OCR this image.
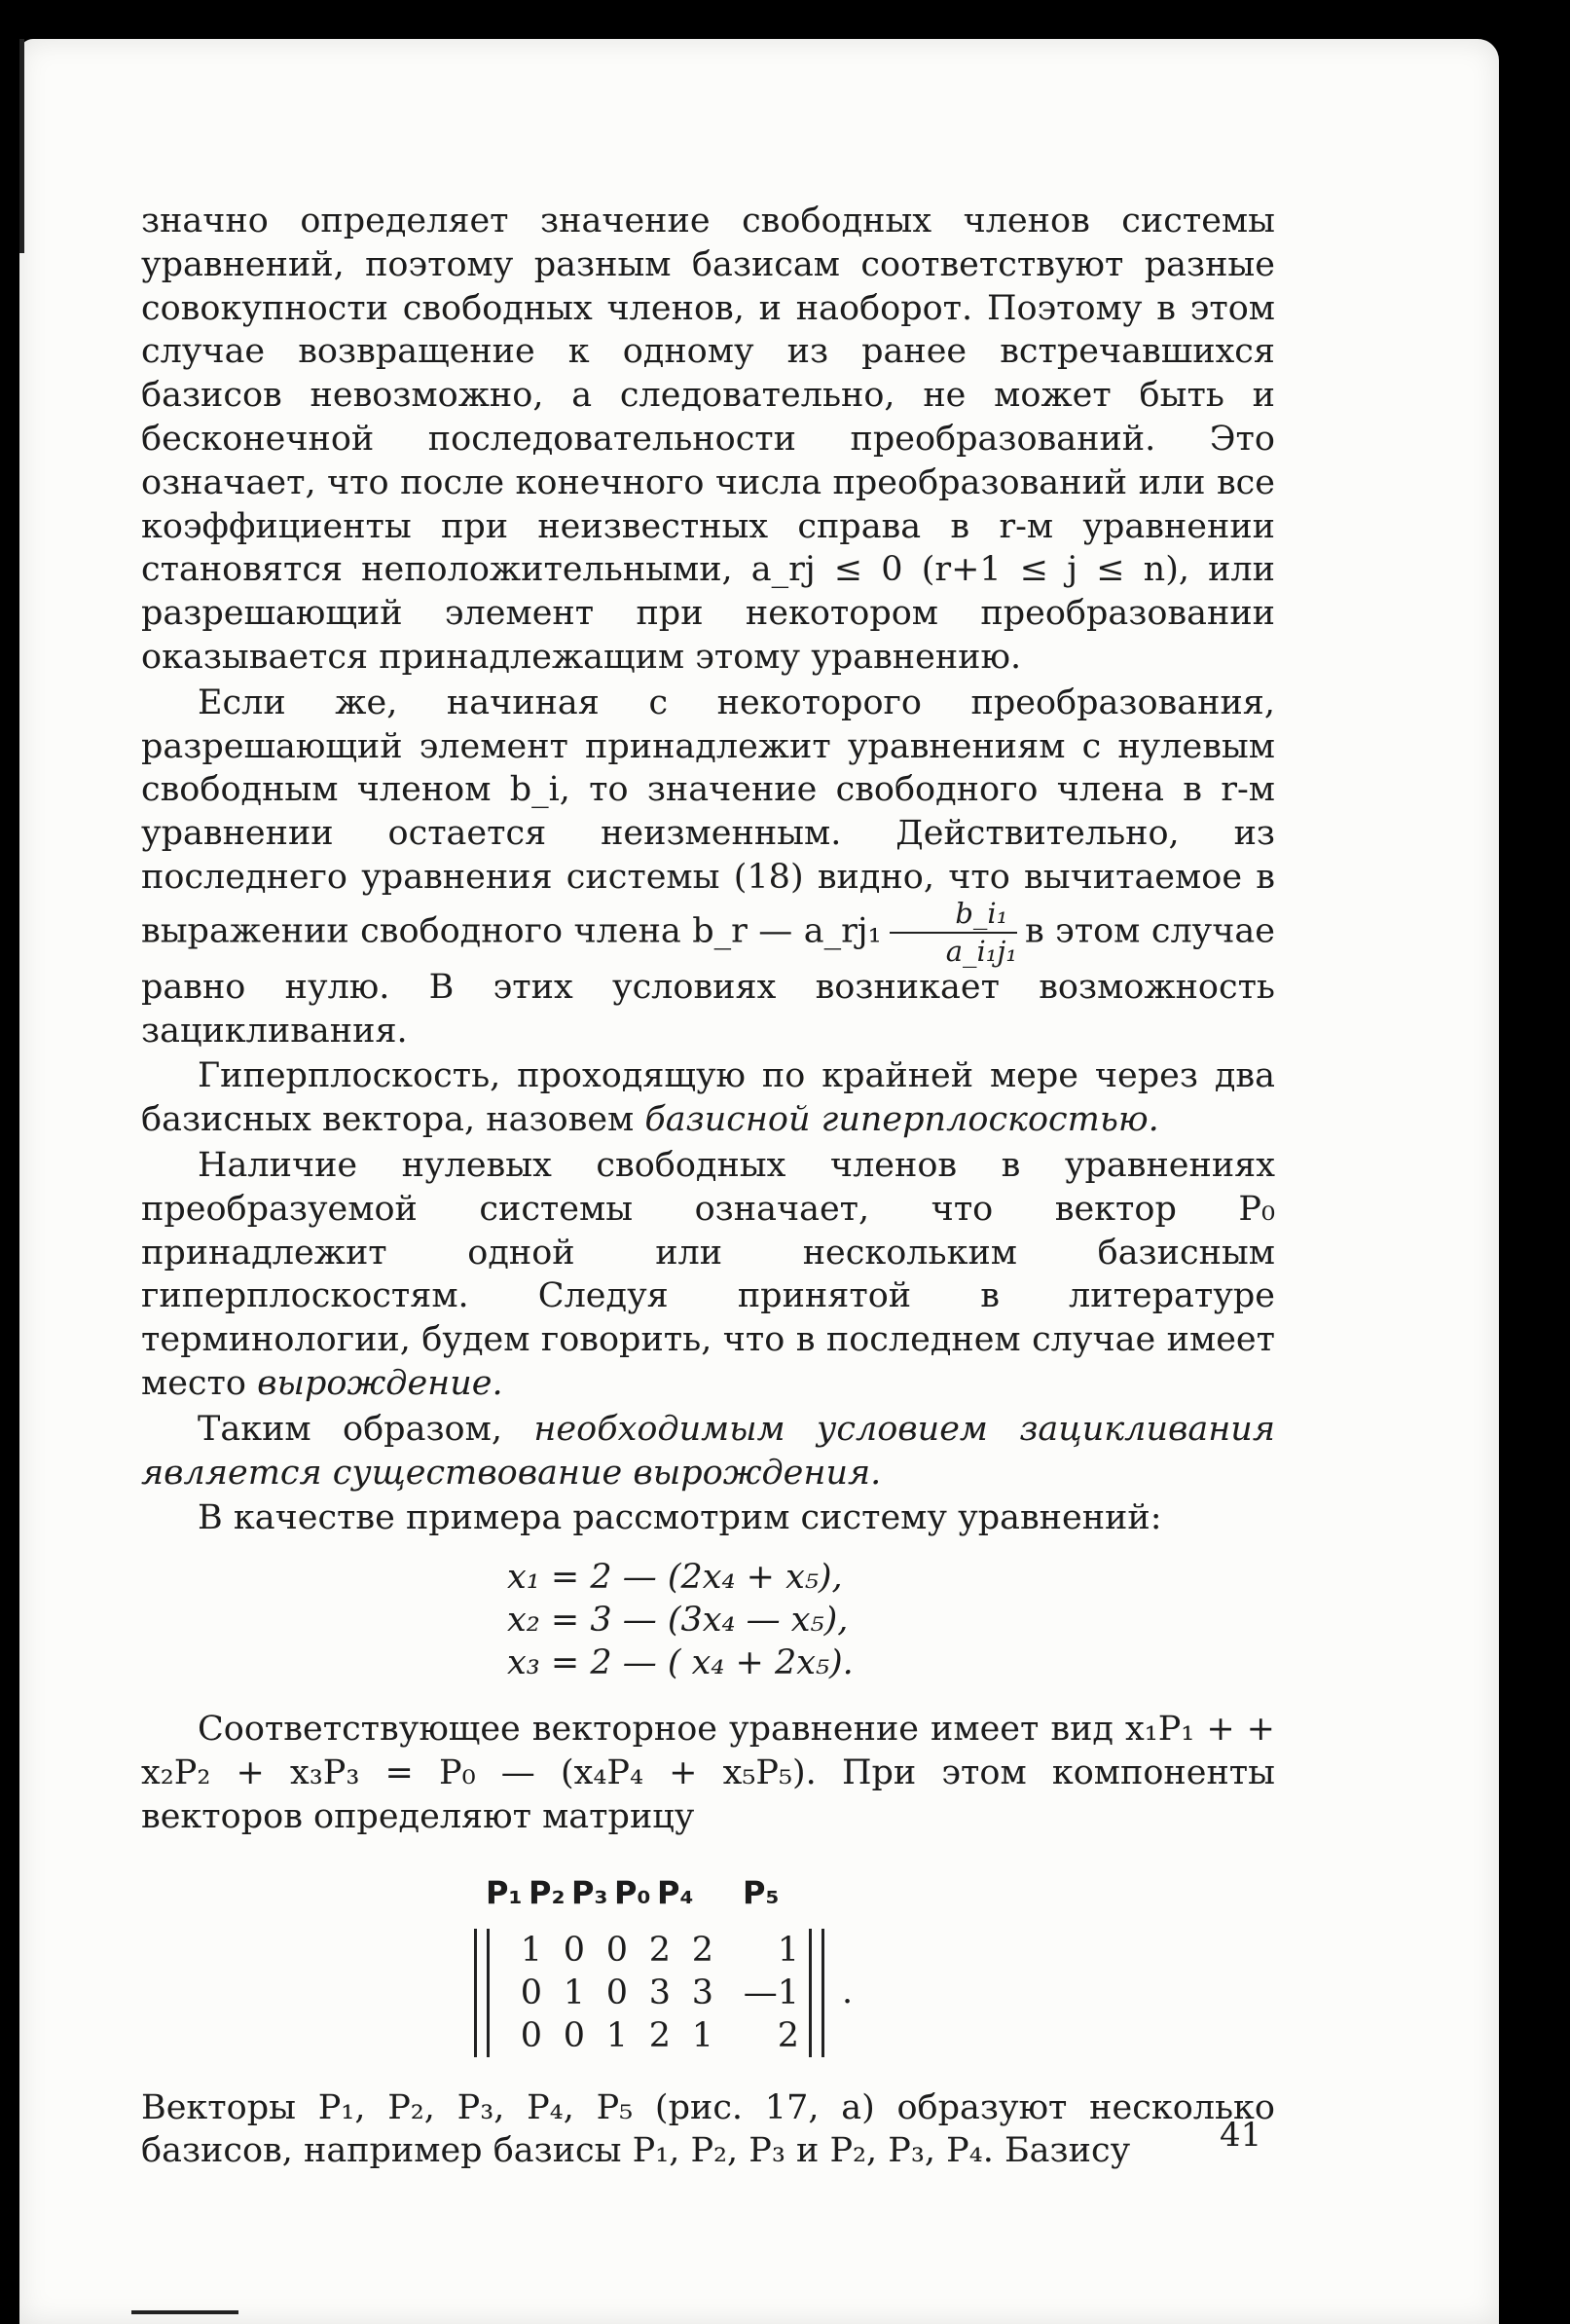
значно определяет значение свободных членов системы уравнений, поэтому разным базисам соответствуют разные совокупности свободных членов, и наоборот. Поэтому в этом случае возвращение к одному из ранее встречавшихся базисов невозможно, а следовательно, не может быть и бесконечной последовательности преобразований. Это означает, что после конечного числа преобразований или все коэффициенты при неизвестных справа в r-м уравнении становятся неположительными, a_rj ≤ 0 (r+1 ≤ j ≤ n), или разрешающий элемент при некотором преобразовании оказывается принадлежащим этому уравнению.

Если же, начиная с некоторого преобразования, разрешающий элемент принадлежит уравнениям с нулевым свободным членом b_i, то значение свободного члена в r-м уравнении остается неизменным. Действительно, из последнего уравнения системы (18) видно, что вычитаемое в выражении свободного члена b_r — a_rj₁ $\frac{\text{b\_i₁}}{\text{a\_i₁j₁}}$ в этом случае равно нулю. В этих условиях возникает возможность зацикливания.

Гиперплоскость, проходящую по крайней мере через два базисных вектора, назовем базисной гиперплоскостью.

Наличие нулевых свободных членов в уравнениях преобразуемой системы означает, что вектор P₀ принадлежит одной или нескольким базисным гиперплоскостям. Следуя принятой в литературе терминологии, будем говорить, что в последнем случае имеет место вырождение.

Таким образом, необходимым условием зацикливания является существование вырождения.

В качестве примера рассмотрим систему уравнений:

x₁ = 2 — (2x₄ + x₅),
x₂ = 3 — (3x₄ — x₅),
x₃ = 2 — ( x₄ + 2x₅).

Соответствующее векторное уравнение имеет вид x₁P₁ + + x₂P₂ + x₃P₃ = P₀ — (x₄P₄ + x₅P₅). При этом компоненты векторов определяют матрицу

P₁ P₂ P₃ P₀ P₄ P₅
1 0 0 2 2	1
0 1 0 3 3 —1
0 0 1 2 1	2
.

Векторы P₁, P₂, P₃, P₄, P₅ (рис. 17, а) образуют несколько базисов, например базисы P₁, P₂, P₃ и P₂, P₃, P₄. Базису	41
